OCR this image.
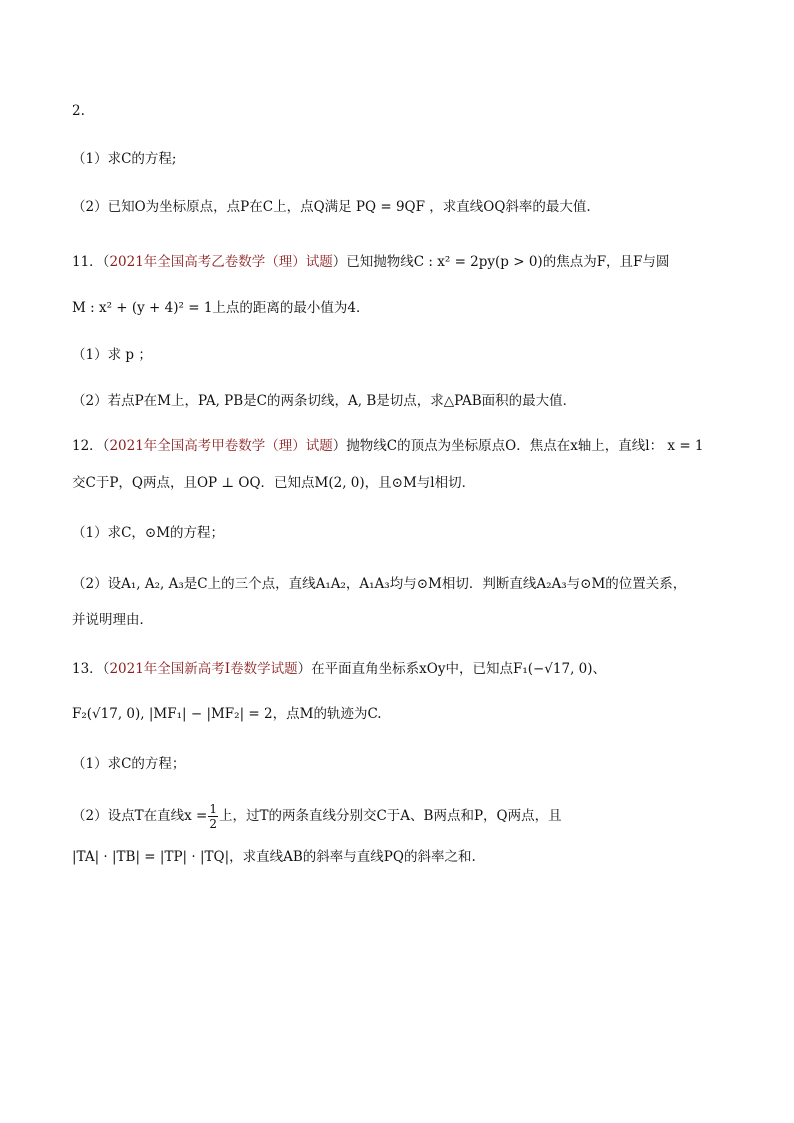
2.
（1）求C的方程;
（2）已知O为坐标原点，点P在C上，点Q满足 PQ = 9QF ，求直线OQ斜率的最大值.
11．（2021年全国高考乙卷数学（理）试题）已知抛物线C : x² = 2py(p > 0)的焦点为F，且F与圆
M : x² + (y + 4)² = 1上点的距离的最小值为4．
（1）求 p ；
（2）若点P在M上，PA, PB是C的两条切线，A, B是切点，求△PAB面积的最大值．
12．（2021年全国高考甲卷数学（理）试题）抛物线C的顶点为坐标原点O．焦点在x轴上，直线l： x = 1
交C于P，Q两点，且OP ⊥ OQ．已知点M(2, 0)，且⊙M与l相切．
（1）求C，⊙M的方程；
（2）设A₁, A₂, A₃是C上的三个点，直线A₁A₂，A₁A₃均与⊙M相切．判断直线A₂A₃与⊙M的位置关系，
并说明理由．
13．（2021年全国新高考Ⅰ卷数学试题）在平面直角坐标系xOy中，已知点F₁(−√17, 0)、
F₂(√17, 0), |MF₁| − |MF₂| = 2，点M的轨迹为C.
（1）求C的方程；
（2）设点T在直线$x = \frac{1}{2}$ 上，过T的两条直线分别交C于A、B两点和P，Q两点，且
|TA| · |TB| = |TP| · |TQ|，求直线AB的斜率与直线PQ的斜率之和.
